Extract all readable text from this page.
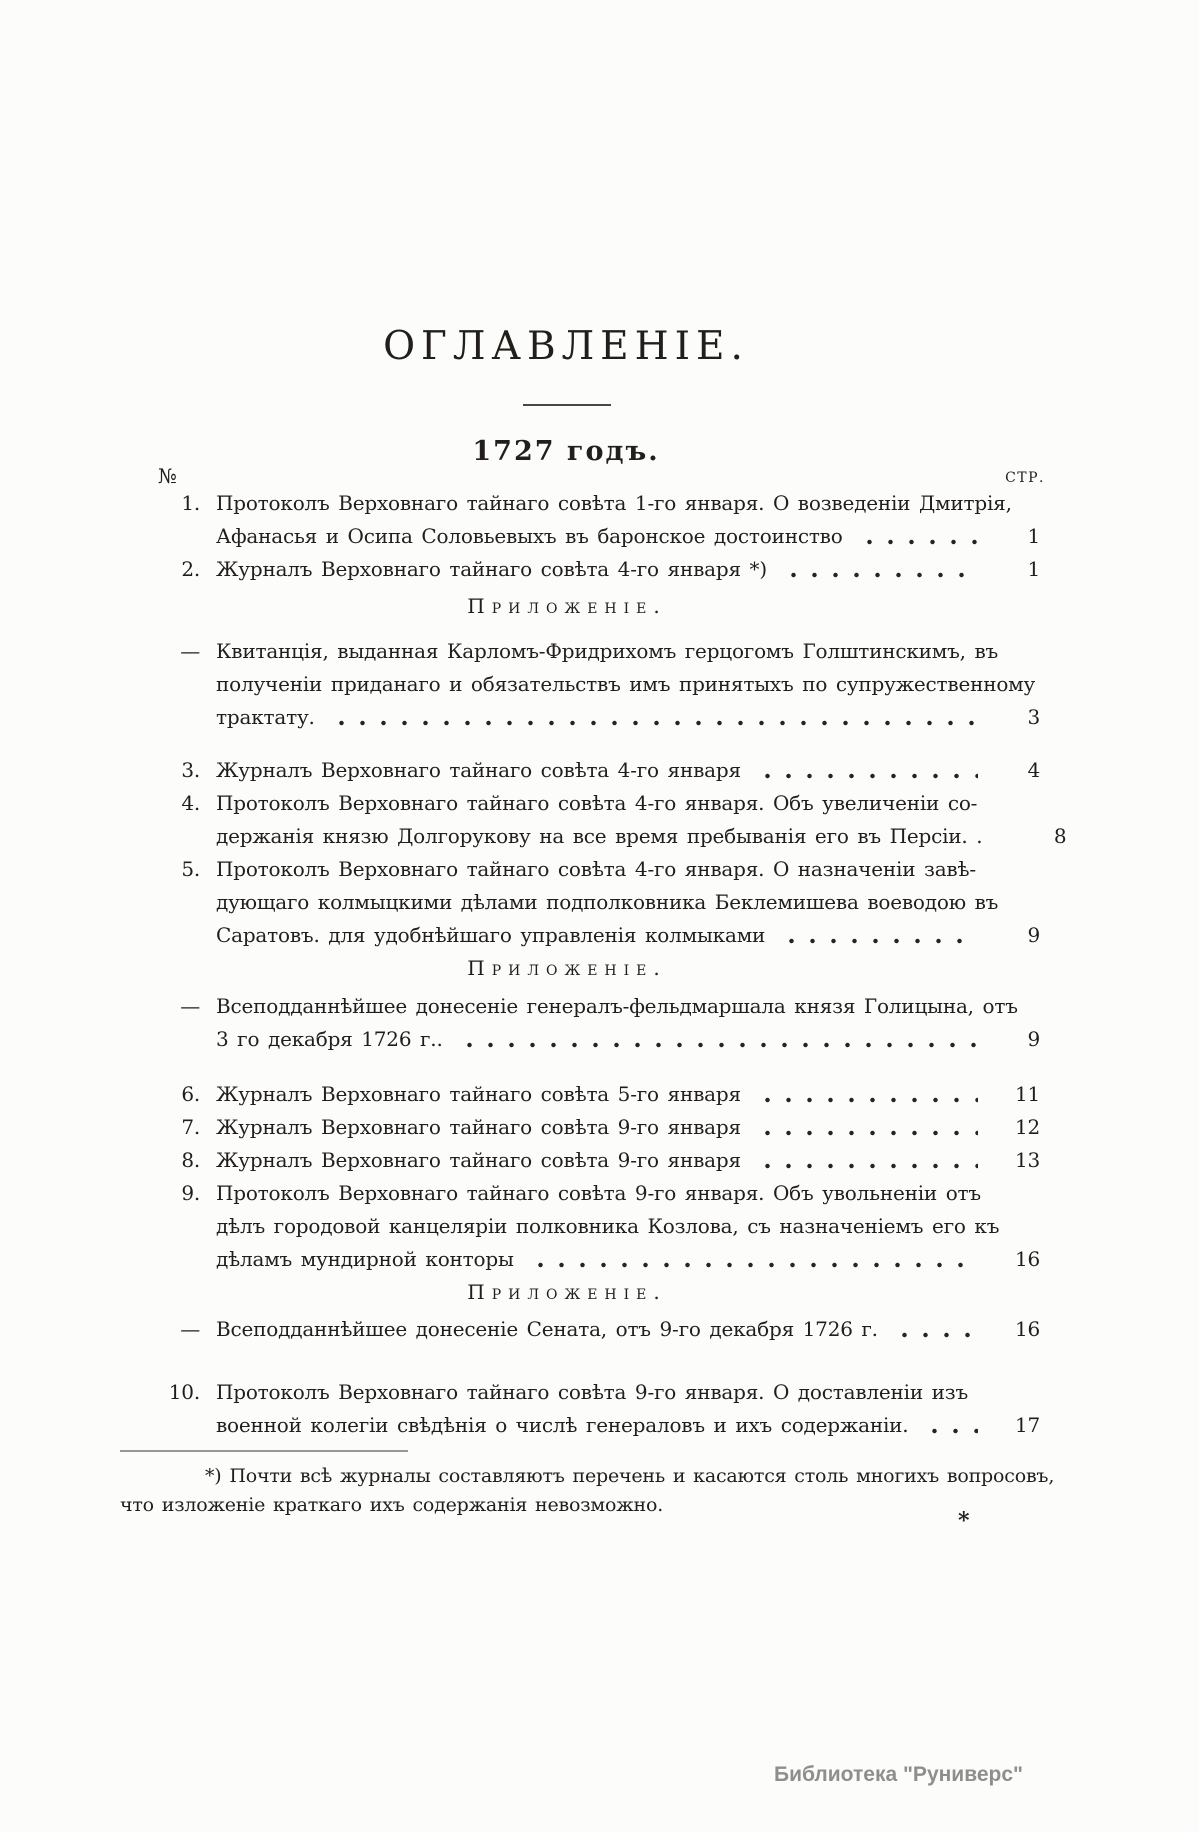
ОГЛАВЛЕНІЕ.
1727 годъ.
№	СТР.
1. Протоколъ Верховнаго тайнаго совѣта 1-го января. О возведеніи Дмитрія,
Афанасья и Осипа Соловьевыхъ въ баронское достоинство	1
2. Журналъ Верховнаго тайнаго совѣта 4-го января *)	1
Приложеніе.
— Квитанція, выданная Карломъ-Фридрихомъ герцогомъ Голштинскимъ, въ
полученіи приданаго и обязательствъ имъ принятыхъ по супружественному
трактату.	3
3. Журналъ Верховнаго тайнаго совѣта 4-го января	4
4. Протоколъ Верховнаго тайнаго совѣта 4-го января. Объ увеличеніи со-
держанія князю Долгорукову на все время пребыванія его въ Персіи. .	8
5. Протоколъ Верховнаго тайнаго совѣта 4-го января. О назначеніи завѣ-
дующаго колмыцкими дѣлами подполковника Беклемишева воеводою въ
Саратовъ. для удобнѣйшаго управленія колмыками	9
Приложеніе.
— Всеподданнѣйшее донесеніе генералъ-фельдмаршала князя Голицына, отъ
3 го декабря 1726 г..	9
6. Журналъ Верховнаго тайнаго совѣта 5-го января	11
7. Журналъ Верховнаго тайнаго совѣта 9-го января	12
8. Журналъ Верховнаго тайнаго совѣта 9-го января	13
9. Протоколъ Верховнаго тайнаго совѣта 9-го января. Объ увольненіи отъ
дѣлъ городовой канцеляріи полковника Козлова, съ назначеніемъ его къ
дѣламъ мундирной конторы	16
Приложеніе.
— Всеподданнѣйшее донесеніе Сената, отъ 9-го декабря 1726 г.	16
10. Протоколъ Верховнаго тайнаго совѣта 9-го января. О доставленіи изъ
военной колегіи свѣдѣнія о числѣ генераловъ и ихъ содержаніи.	17
*) Почти всѣ журналы составляютъ перечень и касаются столь многихъ вопросовъ,
что изложеніе краткаго ихъ содержанія невозможно.
*
Библиотека "Руниверс"
